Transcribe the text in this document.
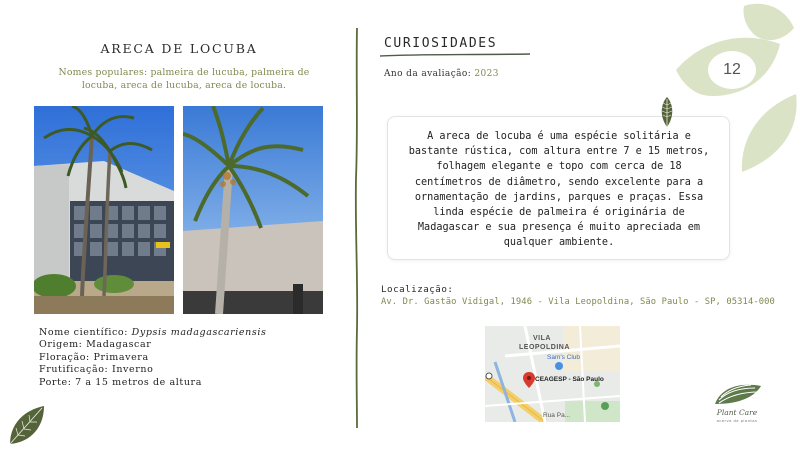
ARECA DE LOCUBA
Nomes populares: palmeira de lucuba, palmeira de locuba, areca de lucuba, areca de locuba.
Nome científico: Dypsis madagascariensis
Origem: Madagascar
Floração: Primavera
Frutificação: Inverno
Porte: 7 a 15 metros de altura
CURIOSIDADES
Ano da avaliação: 2023
A areca de locuba é uma espécie solitária e bastante rústica, com altura entre 7 e 15 metros, folhagem elegante e topo com cerca de 18 centímetros de diâmetro, sendo excelente para a ornamentação de jardins, parques e praças. Essa linda espécie de palmeira é originária de Madagascar e sua presença é muito apreciada em qualquer ambiente.
Localização:
Av. Dr. Gastão Vidigal, 1946 - Vila Leopoldina, São Paulo - SP, 05314-000
VILA
LEOPOLDINA
Sam's Club
CEAGESP - São Paulo
Rua Pa...
12
Plant Care
acerva de plantas
